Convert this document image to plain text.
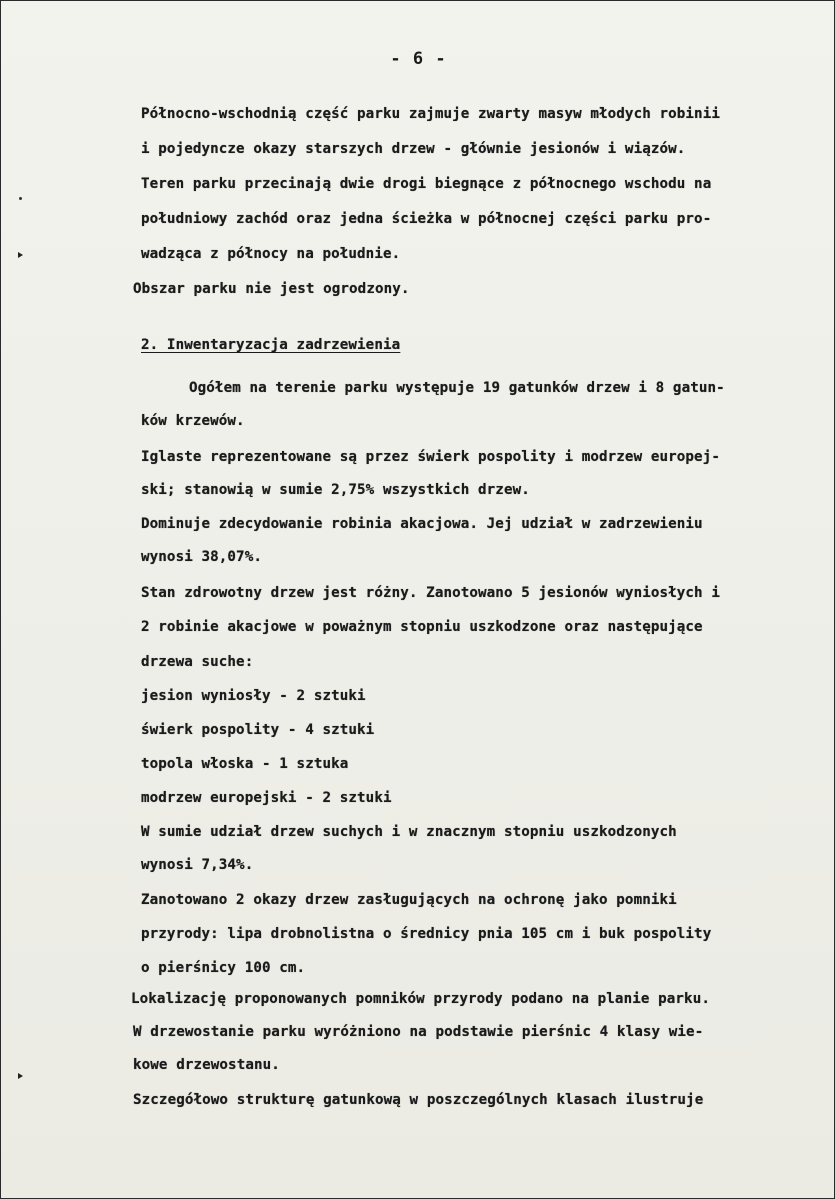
- 6 -
Północno-wschodnią część parku zajmuje zwarty masyw młodych robinii
i pojedyncze okazy starszych drzew - głównie jesionów i wiązów.
Teren parku przecinają dwie drogi biegnące z północnego wschodu na
południowy zachód oraz jedna ścieżka w północnej części parku pro-
wadząca z północy na południe.
Obszar parku nie jest ogrodzony.
2. Inwentaryzacja zadrzewienia
Ogółem na terenie parku występuje 19 gatunków drzew i 8 gatun-
ków krzewów.
Iglaste reprezentowane są przez świerk pospolity i modrzew europej-
ski; stanowią w sumie 2,75% wszystkich drzew.
Dominuje zdecydowanie robinia akacjowa. Jej udział w zadrzewieniu
wynosi 38,07%.
Stan zdrowotny drzew jest różny. Zanotowano 5 jesionów wyniosłych i
2 robinie akacjowe w poważnym stopniu uszkodzone oraz następujące
drzewa suche:
jesion wyniosły - 2 sztuki
świerk pospolity - 4 sztuki
topola włoska - 1 sztuka
modrzew europejski - 2 sztuki
W sumie udział drzew suchych i w znacznym stopniu uszkodzonych
wynosi 7,34%.
Zanotowano 2 okazy drzew zasługujących na ochronę jako pomniki
przyrody: lipa drobnolistna o średnicy pnia 105 cm i buk pospolity
o pierśnicy 100 cm.
Lokalizację proponowanych pomników przyrody podano na planie parku.
W drzewostanie parku wyróżniono na podstawie pierśnic 4 klasy wie-
kowe drzewostanu.
Szczegółowo strukturę gatunkową w poszczególnych klasach ilustruje
